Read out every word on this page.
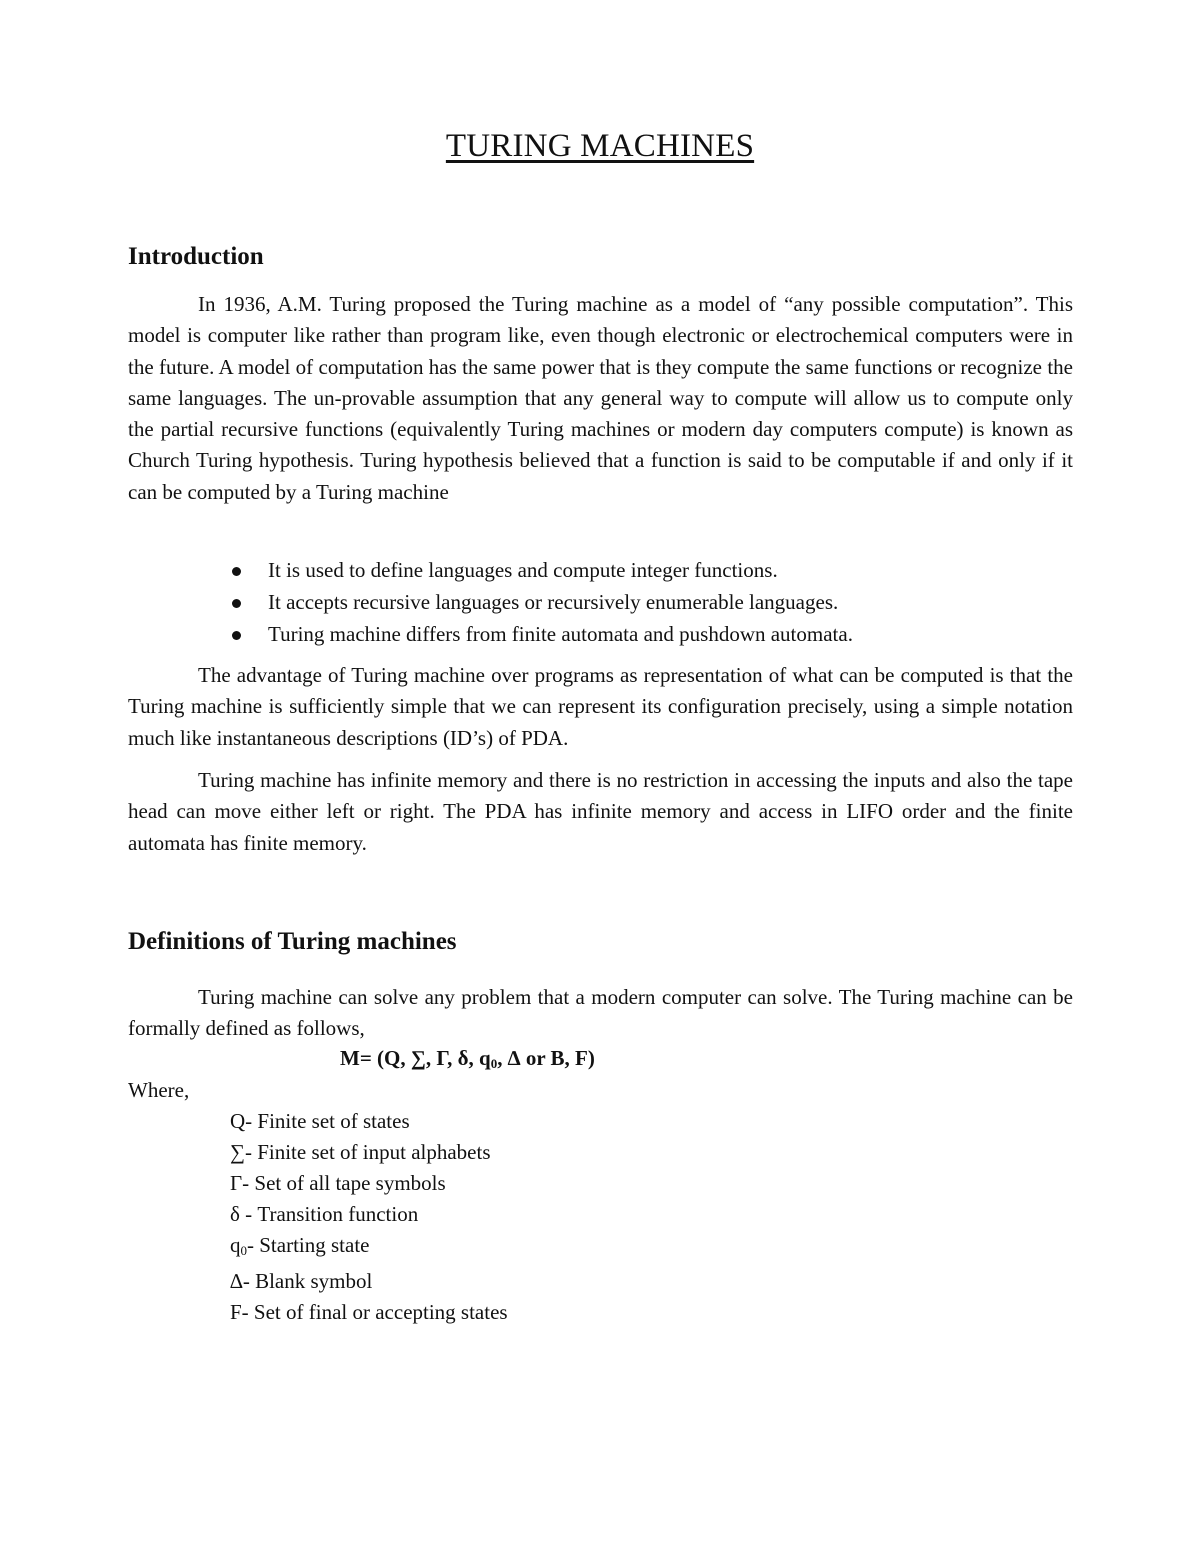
TURING MACHINES
Introduction

In 1936, A.M. Turing proposed the Turing machine as a model of “any possible computation”. This model is computer like rather than program like, even though electronic or electrochemical computers were in the future. A model of computation has the same power that is they compute the same functions or recognize the same languages. The un-provable assumption that any general way to compute will allow us to compute only the partial recursive functions (equivalently Turing machines or modern day computers compute) is known as Church Turing hypothesis. Turing hypothesis believed that a function is said to be computable if and only if it can be computed by a Turing machine

It is used to define languages and compute integer functions.
It accepts recursive languages or recursively enumerable languages.
Turing machine differs from finite automata and pushdown automata.

The advantage of Turing machine over programs as representation of what can be computed is that the Turing machine is sufficiently simple that we can represent its configuration precisely, using a simple notation much like instantaneous descriptions (ID’s) of PDA.

Turing machine has infinite memory and there is no restriction in accessing the inputs and also the tape head can move either left or right. The PDA has infinite memory and access in LIFO order and the finite automata has finite memory.

Definitions of Turing machines

Turing machine can solve any problem that a modern computer can solve. The Turing machine can be formally defined as follows,

M= (Q, ∑, Γ, δ, $q_0$, ∆ or B, F)
Where,
Q- Finite set of states
∑- Finite set of input alphabets
Γ- Set of all tape symbols
δ - Transition function
$q_0-$ Starting state
∆- Blank symbol
F- Set of final or accepting states
